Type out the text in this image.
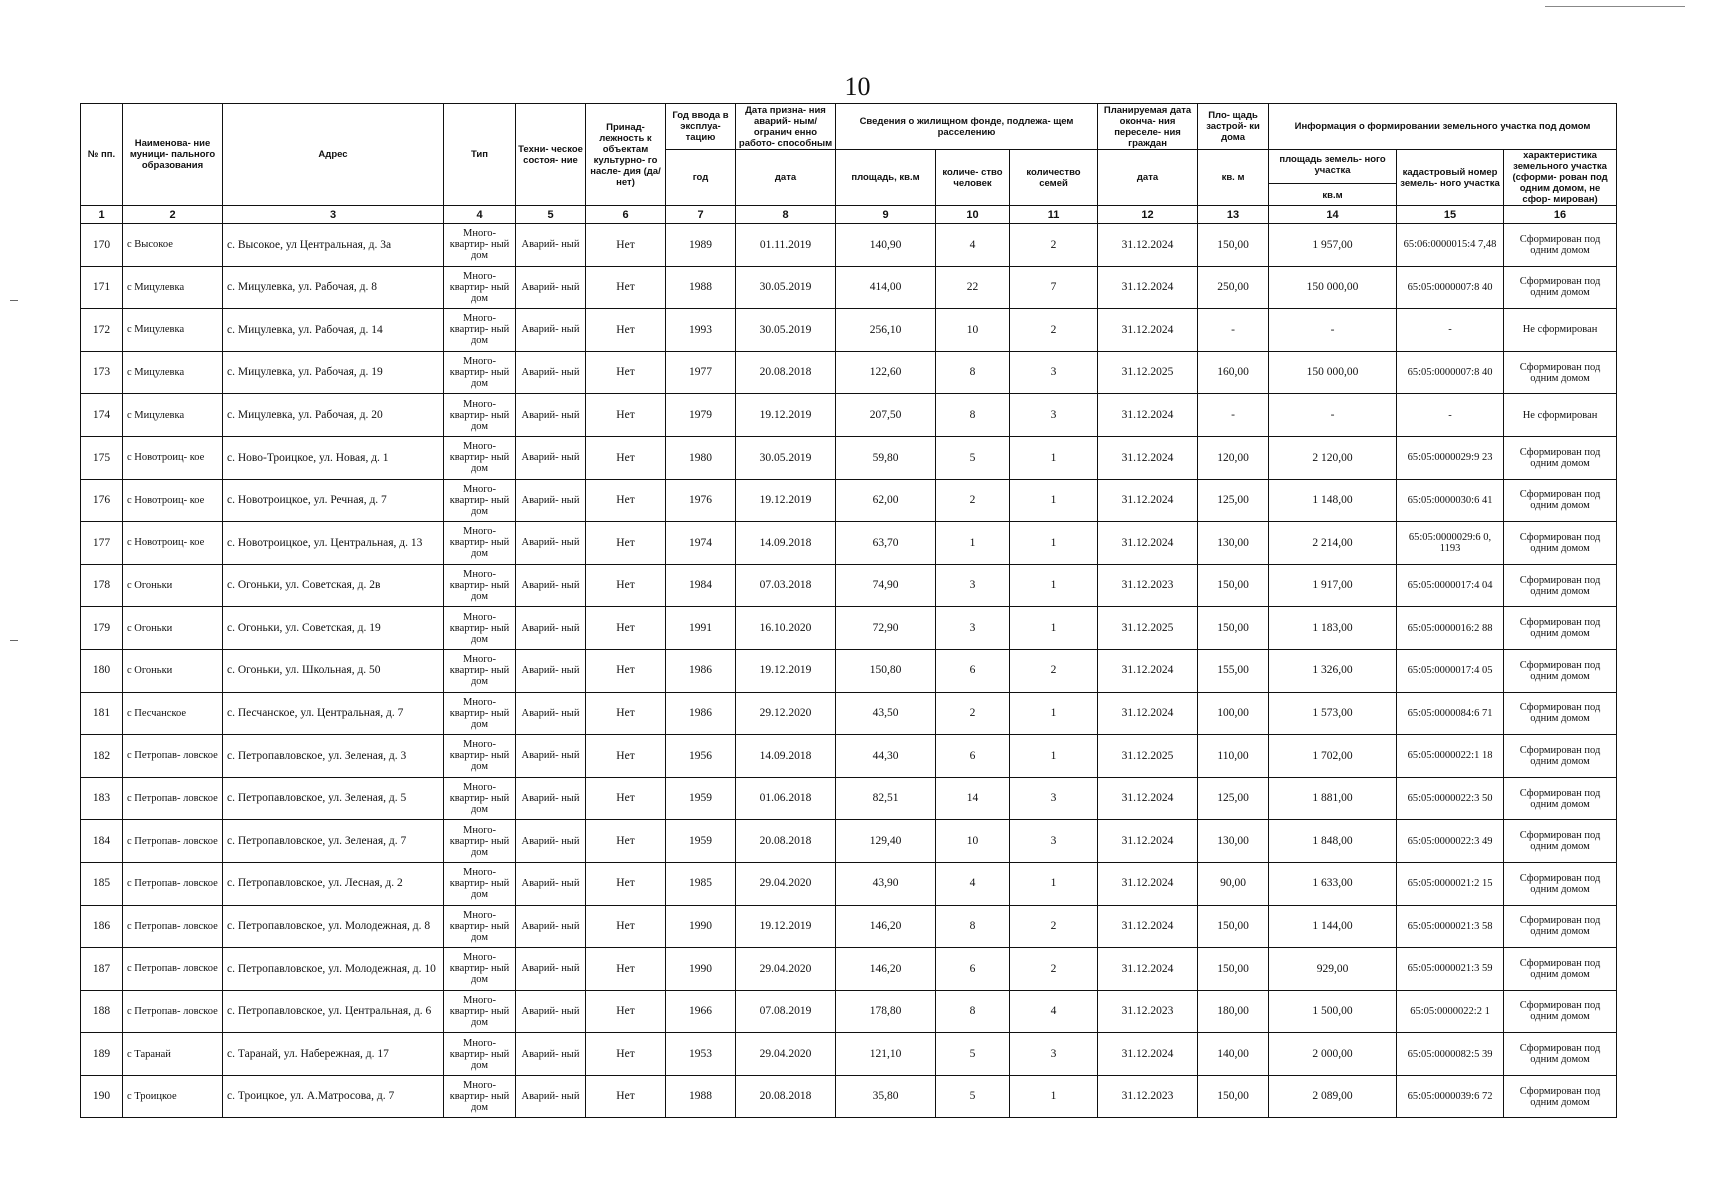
10
№ пп.	Наименова- ние муници- пального образования	Адрес	Тип	Техни- ческое состоя- ние	Принад- лежность к объектам культурно- го насле- дия (да/нет)	Год ввода в эксплуа- тацию	Дата призна- ния аварий- ным/огранич енно работо- способным	Сведения о жилищном фонде, подлежа- щем расселению			Планируемая дата оконча- ния переселе- ния граждан	Пло- щадь застрой- ки дома	Информация о формировании земельного участка под домом		
						год	дата	площадь, кв.м	количе- ство человек	количество семей	дата	кв. м	площадь земель- ного участка
кв.м	кадастровый номер земель- ного участка	характеристика земельного участка (сформи- рован под одним домом, не сфор- мирован)
1	2	3	4	5	6	7	8	9	10	11	12	13	14	15	16
170	с Высокое	с. Высокое, ул Центральная, д. 3а	Много- квартир- ный дом	Аварий- ный	Нет	1989	01.11.2019	140,90	4	2	31.12.2024	150,00	1 957,00	65:06:0000015:4 7,48	Сформирован под одним домом
171	с Мицулевка	с. Мицулевка, ул. Рабочая, д. 8	Много- квартир- ный дом	Аварий- ный	Нет	1988	30.05.2019	414,00	22	7	31.12.2024	250,00	150 000,00	65:05:0000007:8 40	Сформирован под одним домом
172	с Мицулевка	с. Мицулевка, ул. Рабочая, д. 14	Много- квартир- ный дом	Аварий- ный	Нет	1993	30.05.2019	256,10	10	2	31.12.2024	-	-	-	Не сформирован
173	с Мицулевка	с. Мицулевка, ул. Рабочая, д. 19	Много- квартир- ный дом	Аварий- ный	Нет	1977	20.08.2018	122,60	8	3	31.12.2025	160,00	150 000,00	65:05:0000007:8 40	Сформирован под одним домом
174	с Мицулевка	с. Мицулевка, ул. Рабочая, д. 20	Много- квартир- ный дом	Аварий- ный	Нет	1979	19.12.2019	207,50	8	3	31.12.2024	-	-	-	Не сформирован
175	с Новотроиц- кое	с. Ново-Троицкое, ул. Новая, д. 1	Много- квартир- ный дом	Аварий- ный	Нет	1980	30.05.2019	59,80	5	1	31.12.2024	120,00	2 120,00	65:05:0000029:9 23	Сформирован под одним домом
176	с Новотроиц- кое	с. Новотроицкое, ул. Речная, д. 7	Много- квартир- ный дом	Аварий- ный	Нет	1976	19.12.2019	62,00	2	1	31.12.2024	125,00	1 148,00	65:05:0000030:6 41	Сформирован под одним домом
177	с Новотроиц- кое	с. Новотроицкое, ул. Центральная, д. 13	Много- квартир- ный дом	Аварий- ный	Нет	1974	14.09.2018	63,70	1	1	31.12.2024	130,00	2 214,00	65:05:0000029:6 0, 1193	Сформирован под одним домом
178	с Огоньки	с. Огоньки, ул. Советская, д. 2в	Много- квартир- ный дом	Аварий- ный	Нет	1984	07.03.2018	74,90	3	1	31.12.2023	150,00	1 917,00	65:05:0000017:4 04	Сформирован под одним домом
179	с Огоньки	с. Огоньки, ул. Советская, д. 19	Много- квартир- ный дом	Аварий- ный	Нет	1991	16.10.2020	72,90	3	1	31.12.2025	150,00	1 183,00	65:05:0000016:2 88	Сформирован под одним домом
180	с Огоньки	с. Огоньки, ул. Школьная, д. 50	Много- квартир- ный дом	Аварий- ный	Нет	1986	19.12.2019	150,80	6	2	31.12.2024	155,00	1 326,00	65:05:0000017:4 05	Сформирован под одним домом
181	с Песчанское	с. Песчанское, ул. Центральная, д. 7	Много- квартир- ный дом	Аварий- ный	Нет	1986	29.12.2020	43,50	2	1	31.12.2024	100,00	1 573,00	65:05:0000084:6 71	Сформирован под одним домом
182	с Петропав- ловское	с. Петропавловское, ул. Зеленая, д. 3	Много- квартир- ный дом	Аварий- ный	Нет	1956	14.09.2018	44,30	6	1	31.12.2025	110,00	1 702,00	65:05:0000022:1 18	Сформирован под одним домом
183	с Петропав- ловское	с. Петропавловское, ул. Зеленая, д. 5	Много- квартир- ный дом	Аварий- ный	Нет	1959	01.06.2018	82,51	14	3	31.12.2024	125,00	1 881,00	65:05:0000022:3 50	Сформирован под одним домом
184	с Петропав- ловское	с. Петропавловское, ул. Зеленая, д. 7	Много- квартир- ный дом	Аварий- ный	Нет	1959	20.08.2018	129,40	10	3	31.12.2024	130,00	1 848,00	65:05:0000022:3 49	Сформирован под одним домом
185	с Петропав- ловское	с. Петропавловское, ул. Лесная, д. 2	Много- квартир- ный дом	Аварий- ный	Нет	1985	29.04.2020	43,90	4	1	31.12.2024	90,00	1 633,00	65:05:0000021:2 15	Сформирован под одним домом
186	с Петропав- ловское	с. Петропавловское, ул. Молодежная, д. 8	Много- квартир- ный дом	Аварий- ный	Нет	1990	19.12.2019	146,20	8	2	31.12.2024	150,00	1 144,00	65:05:0000021:3 58	Сформирован под одним домом
187	с Петропав- ловское	с. Петропавловское, ул. Молодежная, д. 10	Много- квартир- ный дом	Аварий- ный	Нет	1990	29.04.2020	146,20	6	2	31.12.2024	150,00	929,00	65:05:0000021:3 59	Сформирован под одним домом
188	с Петропав- ловское	с. Петропавловское, ул. Центральная, д. 6	Много- квартир- ный дом	Аварий- ный	Нет	1966	07.08.2019	178,80	8	4	31.12.2023	180,00	1 500,00	65:05:0000022:2 1	Сформирован под одним домом
189	с Таранай	с. Таранай, ул. Набережная, д. 17	Много- квартир- ный дом	Аварий- ный	Нет	1953	29.04.2020	121,10	5	3	31.12.2024	140,00	2 000,00	65:05:0000082:5 39	Сформирован под одним домом
190	с Троицкое	с. Троицкое, ул. А.Матросова, д. 7	Много- квартир- ный дом	Аварий- ный	Нет	1988	20.08.2018	35,80	5	1	31.12.2023	150,00	2 089,00	65:05:0000039:6 72	Сформирован под одним домом
